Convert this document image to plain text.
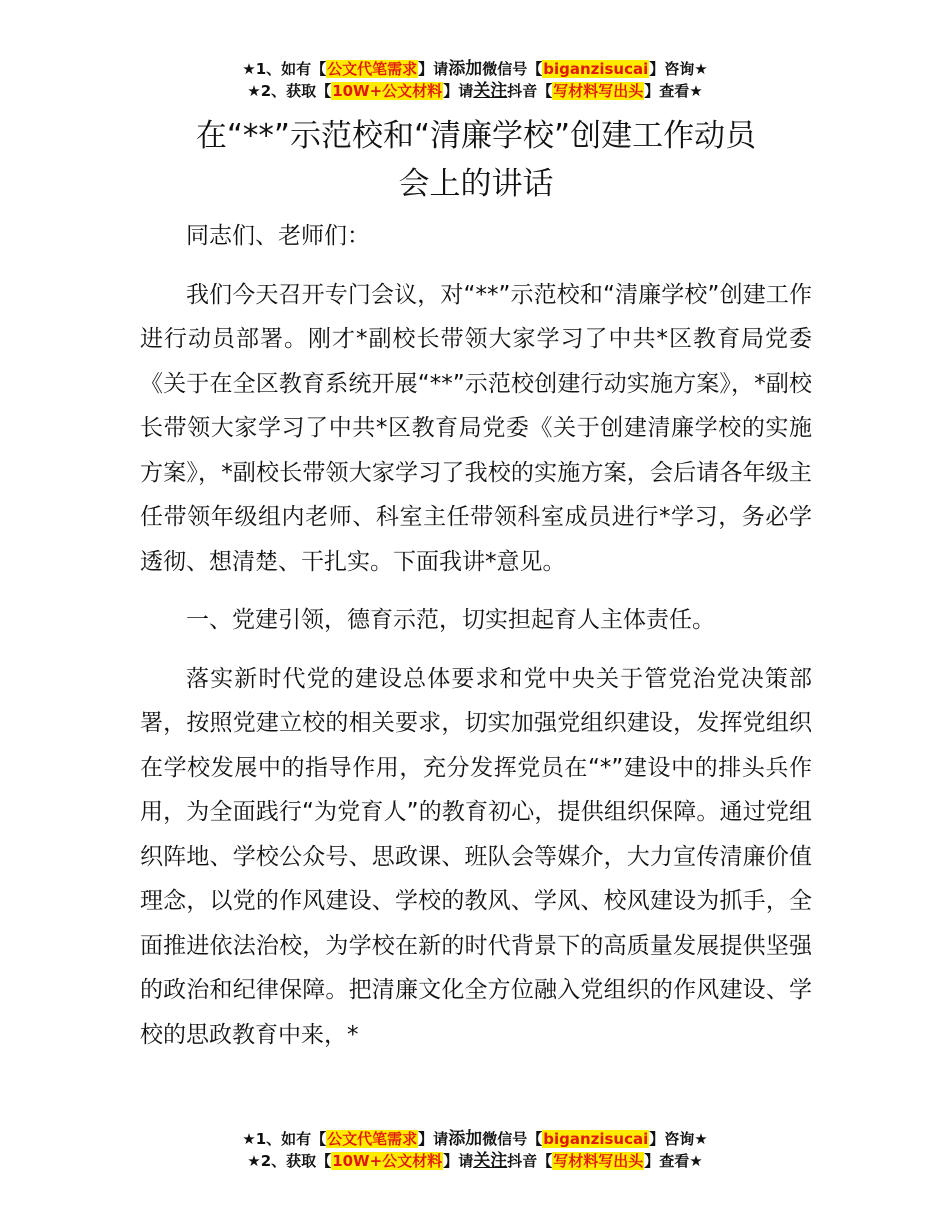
★1、如有【公文代笔需求】请添加微信号【biganzisucai】咨询★
★2、获取【10W+公文材料】请关注抖音【写材料写出头】查看★
在“**”示范校和“清廉学校”创建工作动员
会上的讲话

同志们、老师们：

我们今天召开专门会议，对“**”示范校和“清廉学校”创建工作进行动员部署。刚才*副校长带领大家学习了中共*区教育局党委《关于在全区教育系统开展“**”示范校创建行动实施方案》，*副校长带领大家学习了中共*区教育局党委《关于创建清廉学校的实施方案》，*副校长带领大家学习了我校的实施方案，会后请各年级主任带领年级组内老师、科室主任带领科室成员进行*学习，务必学透彻、想清楚、干扎实。下面我讲*意见。

一、党建引领，德育示范，切实担起育人主体责任。

落实新时代党的建设总体要求和党中央关于管党治党决策部署，按照党建立校的相关要求，切实加强党组织建设，发挥党组织在学校发展中的指导作用，充分发挥党员在“*”建设中的排头兵作用，为全面践行“为党育人”的教育初心，提供组织保障。通过党组织阵地、学校公众号、思政课、班队会等媒介，大力宣传清廉价值理念，以党的作风建设、学校的教风、学风、校风建设为抓手，全面推进依法治校，为学校在新的时代背景下的高质量发展提供坚强的政治和纪律保障。把清廉文化全方位融入党组织的作风建设、学校的思政教育中来，*

★1、如有【公文代笔需求】请添加微信号【biganzisucai】咨询★
★2、获取【10W+公文材料】请关注抖音【写材料写出头】查看★
